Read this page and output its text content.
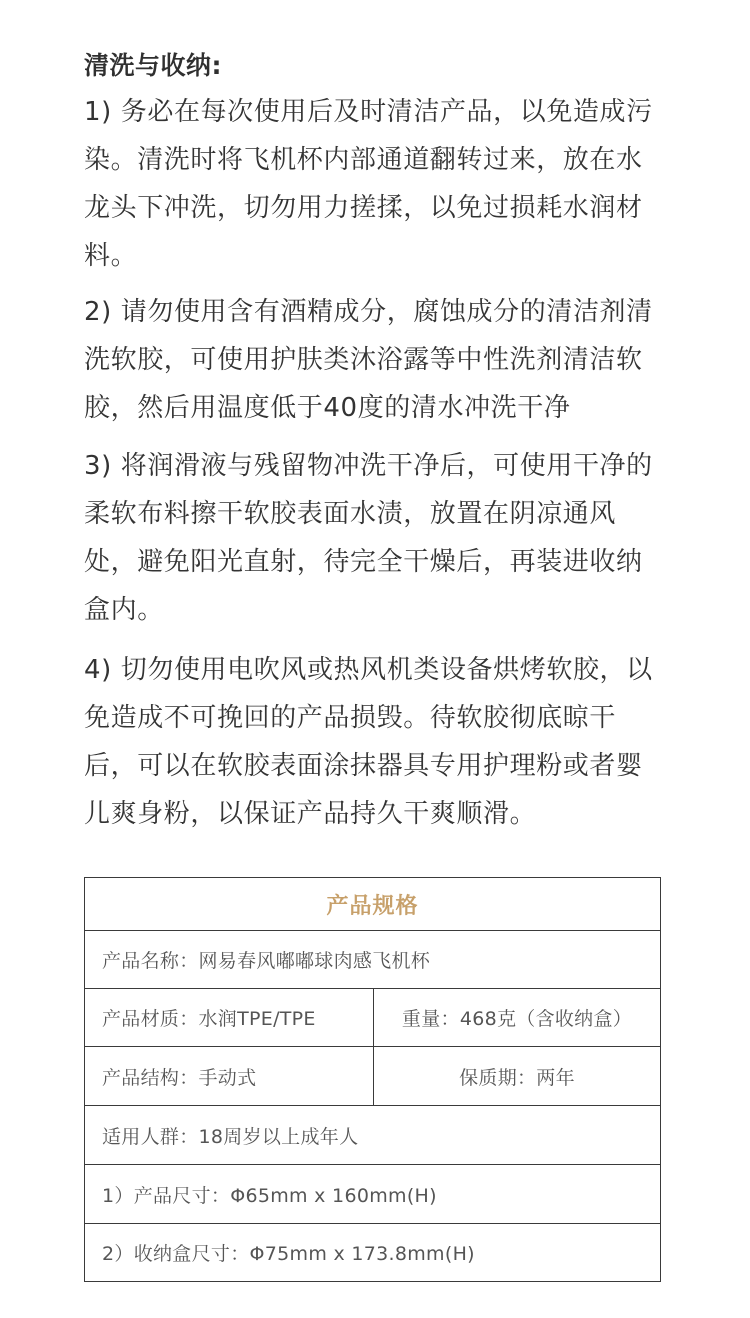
清洗与收纳:

1) 务必在每次使用后及时清洁产品，以免造成污染。清洗时将飞机杯内部通道翻转过来，放在水龙头下冲洗，切勿用力搓揉，以免过损耗水润材料。

2) 请勿使用含有酒精成分，腐蚀成分的清洁剂清洗软胶，可使用护肤类沐浴露等中性洗剂清洁软胶，然后用温度低于40度的清水冲洗干净

3) 将润滑液与残留物冲洗干净后，可使用干净的柔软布料擦干软胶表面水渍，放置在阴凉通风处，避免阳光直射，待完全干燥后，再装进收纳盒内。

4) 切勿使用电吹风或热风机类设备烘烤软胶，以免造成不可挽回的产品损毁。待软胶彻底晾干后，可以在软胶表面涂抹器具专用护理粉或者婴儿爽身粉，以保证产品持久干爽顺滑。

产品规格	
产品名称：网易春风嘟嘟球肉感飞机杯	
产品材质：水润TPE/TPE	重量：468克（含收纳盒）
产品结构：手动式	保质期：两年
适用人群：18周岁以上成年人	
1）产品尺寸：Φ65mm x 160mm(H)	
2）收纳盒尺寸：Φ75mm x 173.8mm(H)	
